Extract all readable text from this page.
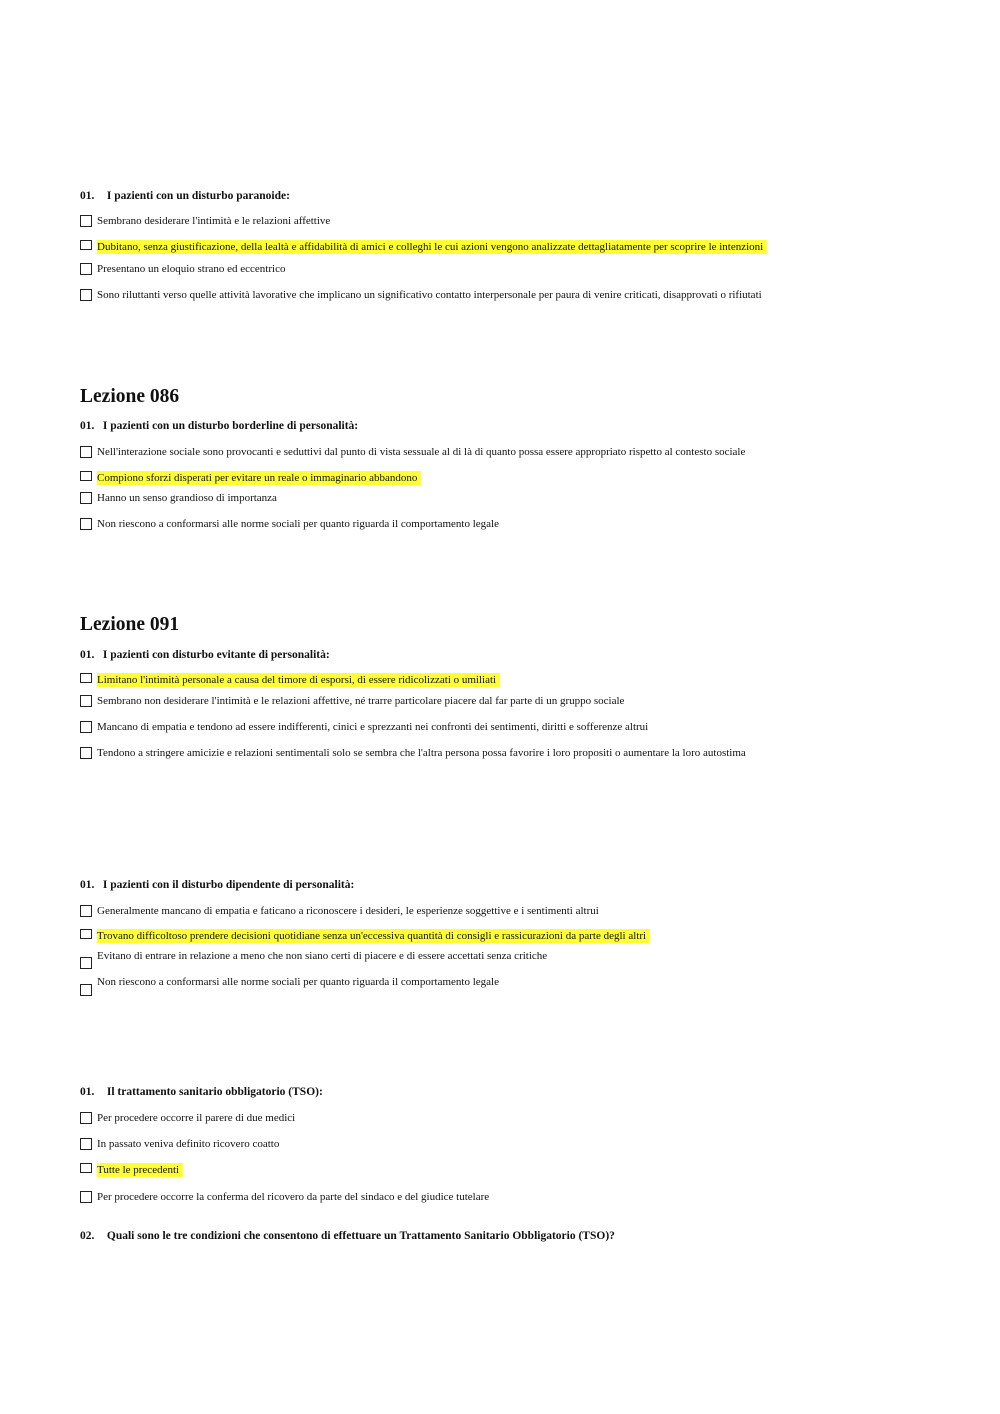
01. I pazienti con un disturbo paranoide:
Sembrano desiderare l'intimità e le relazioni affettive
Dubitano, senza giustificazione, della lealtà e affidabilità di amici e colleghi le cui azioni vengono analizzate dettagliatamente per scoprire le intenzioni
Presentano un eloquio strano ed eccentrico
Sono riluttanti verso quelle attività lavorative che implicano un significativo contatto interpersonale per paura di venire criticati, disapprovati o rifiutati
Lezione 086
01. I pazienti con un disturbo borderline di personalità:
Nell'interazione sociale sono provocanti e seduttivi dal punto di vista sessuale al di là di quanto possa essere appropriato rispetto al contesto sociale
Compiono sforzi disperati per evitare un reale o immaginario abbandono
Hanno un senso grandioso di importanza
Non riescono a conformarsi alle norme sociali per quanto riguarda il comportamento legale
Lezione 091
01. I pazienti con disturbo evitante di personalità:
Limitano l'intimità personale a causa del timore di esporsi, di essere ridicolizzati o umiliati
Sembrano non desiderare l'intimità e le relazioni affettive, né trarre particolare piacere dal far parte di un gruppo sociale
Mancano di empatia e tendono ad essere indifferenti, cinici e sprezzanti nei confronti dei sentimenti, diritti e sofferenze altrui
Tendono a stringere amicizie e relazioni sentimentali solo se sembra che l'altra persona possa favorire i loro propositi o aumentare la loro autostima
01. I pazienti con il disturbo dipendente di personalità:
Generalmente mancano di empatia e faticano a riconoscere i desideri, le esperienze soggettive e i sentimenti altrui
Trovano difficoltoso prendere decisioni quotidiane senza un'eccessiva quantità di consigli e rassicurazioni da parte degli altri
Evitano di entrare in relazione a meno che non siano certi di piacere e di essere accettati senza critiche
Non riescono a conformarsi alle norme sociali per quanto riguarda il comportamento legale
01. Il trattamento sanitario obbligatorio (TSO):
Per procedere occorre il parere di due medici
In passato veniva definito ricovero coatto
Tutte le precedenti
Per procedere occorre la conferma del ricovero da parte del sindaco e del giudice tutelare
02. Quali sono le tre condizioni che consentono di effettuare un Trattamento Sanitario Obbligatorio (TSO)?
